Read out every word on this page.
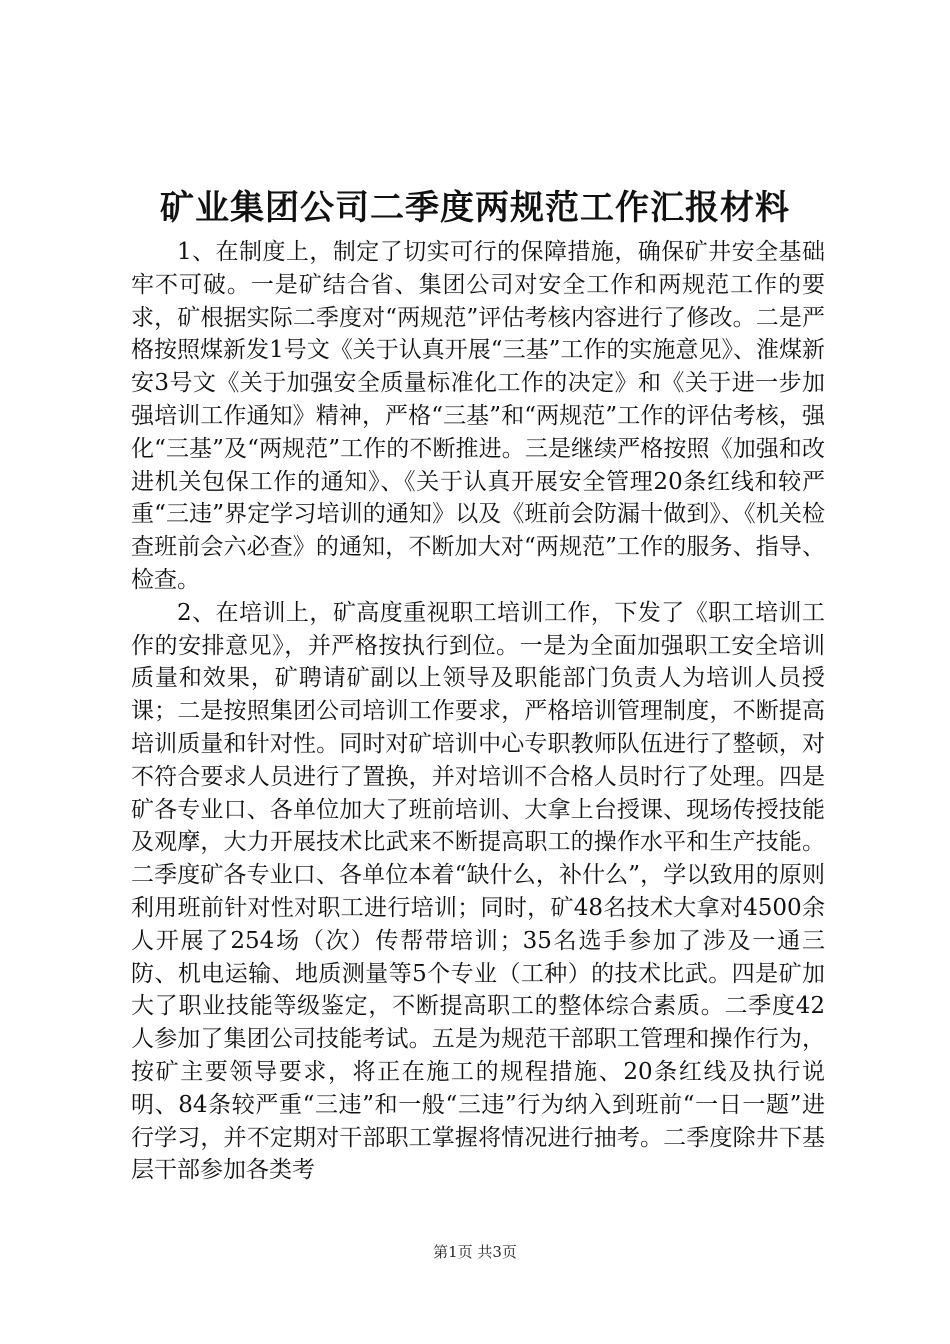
矿业集团公司二季度两规范工作汇报材料

1、在制度上，制定了切实可行的保障措施，确保矿井安全基础牢不可破。一是矿结合省、集团公司对安全工作和两规范工作的要求，矿根据实际二季度对“两规范”评估考核内容进行了修改。二是严格按照煤新发1号文《关于认真开展“三基”工作的实施意见》、淮煤新安3号文《关于加强安全质量标准化工作的决定》和《关于进一步加强培训工作通知》精神，严格“三基”和“两规范”工作的评估考核，强化“三基”及“两规范”工作的不断推进。三是继续严格按照《加强和改进机关包保工作的通知》、《关于认真开展安全管理20条红线和较严重“三违”界定学习培训的通知》以及《班前会防漏十做到》、《机关检查班前会六必查》的通知，不断加大对“两规范”工作的服务、指导、检查。

2、在培训上，矿高度重视职工培训工作，下发了《职工培训工作的安排意见》，并严格按执行到位。一是为全面加强职工安全培训质量和效果，矿聘请矿副以上领导及职能部门负责人为培训人员授课；二是按照集团公司培训工作要求，严格培训管理制度，不断提高培训质量和针对性。同时对矿培训中心专职教师队伍进行了整顿，对不符合要求人员进行了置换，并对培训不合格人员时行了处理。四是矿各专业口、各单位加大了班前培训、大拿上台授课、现场传授技能及观摩，大力开展技术比武来不断提高职工的操作水平和生产技能。二季度矿各专业口、各单位本着“缺什么，补什么”，学以致用的原则利用班前针对性对职工进行培训；同时，矿48名技术大拿对4500余人开展了254场（次）传帮带培训；35名选手参加了涉及一通三防、机电运输、地质测量等5个专业（工种）的技术比武。四是矿加大了职业技能等级鉴定，不断提高职工的整体综合素质。二季度42人参加了集团公司技能考试。五是为规范干部职工管理和操作行为，按矿主要领导要求，将正在施工的规程措施、20条红线及执行说明、84条较严重“三违”和一般“三违”行为纳入到班前“一日一题”进行学习，并不定期对干部职工掌握将情况进行抽考。二季度除井下基层干部参加各类考

第1页 共3页
